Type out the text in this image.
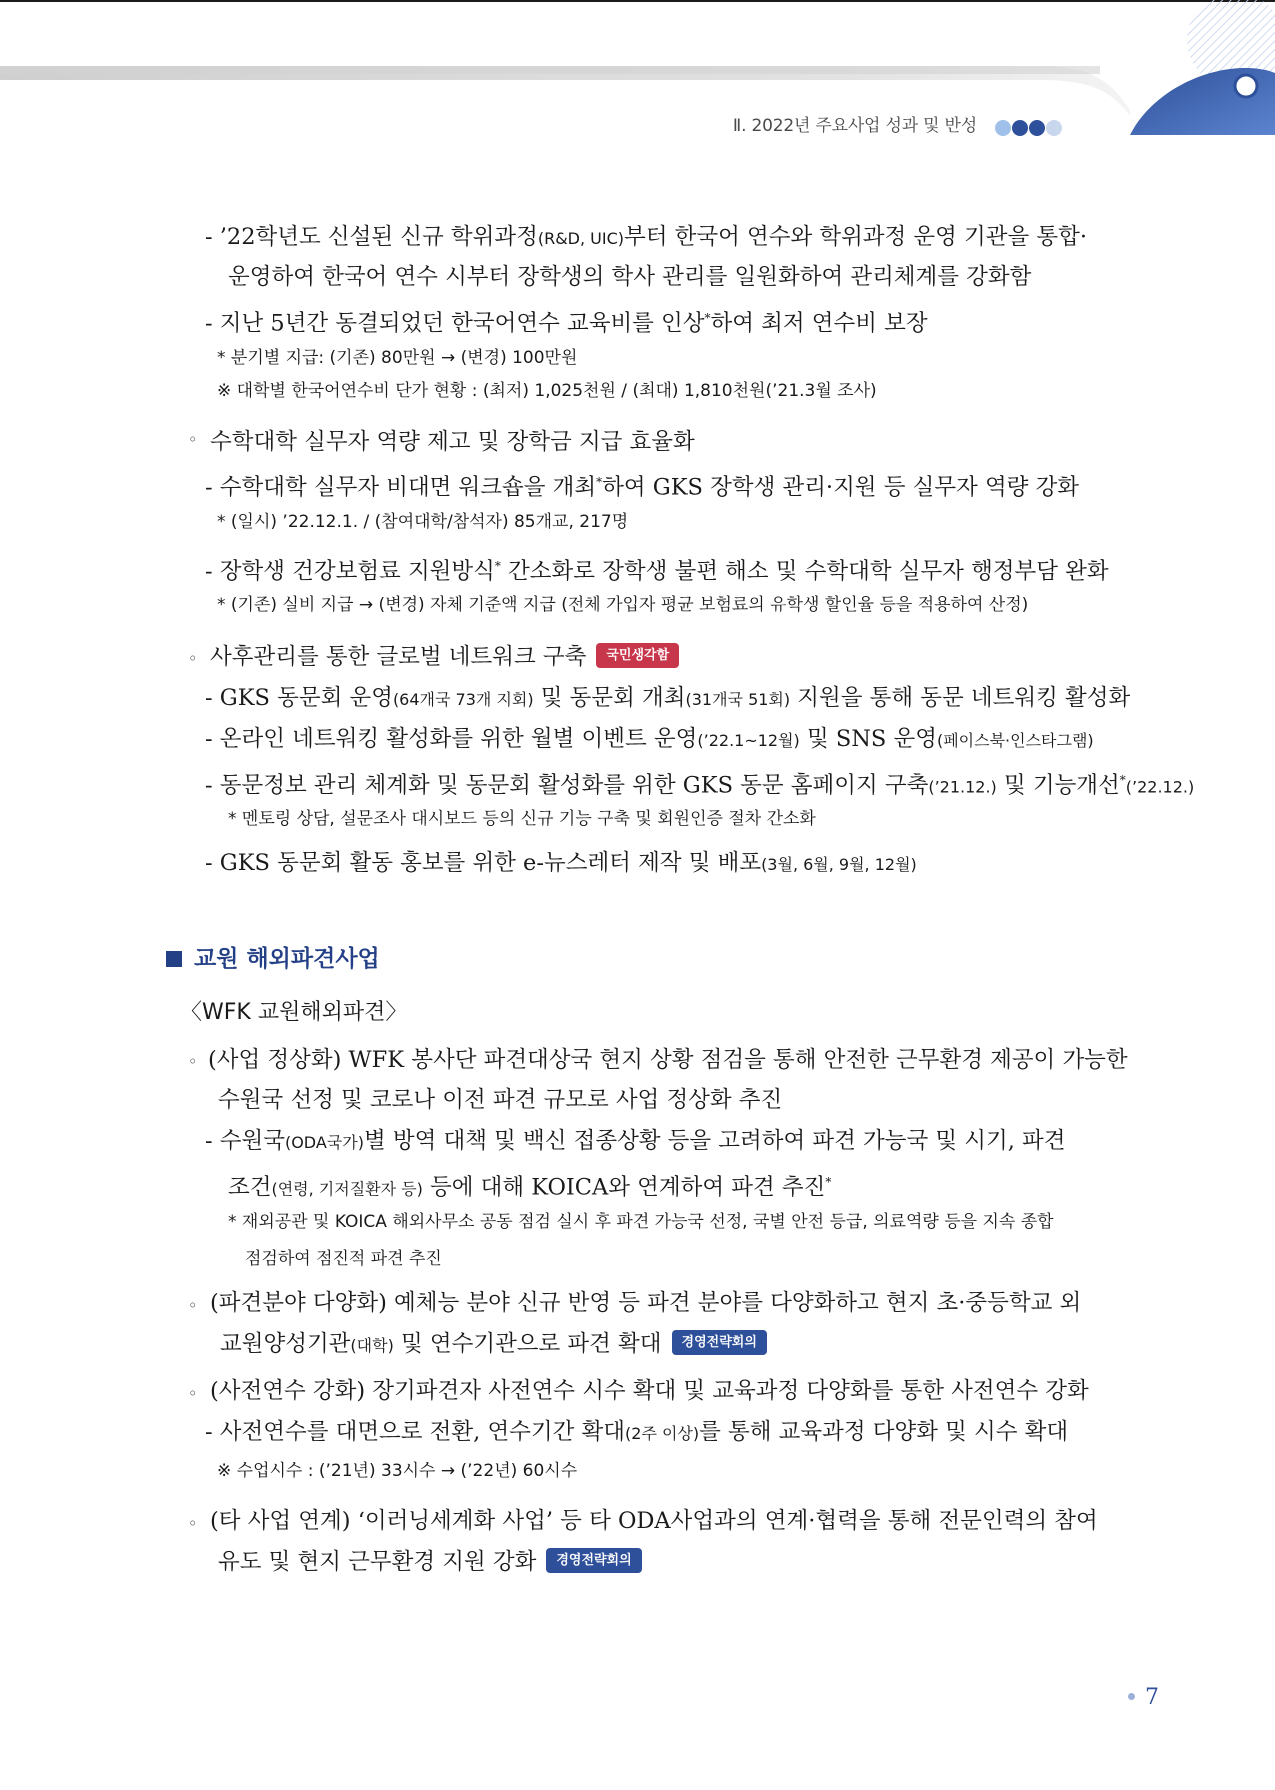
Ⅱ. 2022년 주요사업 성과 및 반성
- ’22학년도 신설된 신규 학위과정(R&D, UIC)부터 한국어 연수와 학위과정 운영 기관을 통합·
운영하여 한국어 연수 시부터 장학생의 학사 관리를 일원화하여 관리체계를 강화함
- 지난 5년간 동결되었던 한국어연수 교육비를 인상*하여 최저 연수비 보장
* 분기별 지급: (기존) 80만원 → (변경) 100만원
※ 대학별 한국어연수비 단가 현황 : (최저) 1,025천원 / (최대) 1,810천원(’21.3월 조사)
◦ 수학대학 실무자 역량 제고 및 장학금 지급 효율화
- 수학대학 실무자 비대면 워크숍을 개최*하여 GKS 장학생 관리·지원 등 실무자 역량 강화
* (일시) ’22.12.1. / (참여대학/참석자) 85개교, 217명
- 장학생 건강보험료 지원방식* 간소화로 장학생 불편 해소 및 수학대학 실무자 행정부담 완화
* (기존) 실비 지급 → (변경) 자체 기준액 지급 (전체 가입자 평균 보험료의 유학생 할인율 등을 적용하여 산정)
◦ 사후관리를 통한 글로벌 네트워크 구축 국민생각함
- GKS 동문회 운영(64개국 73개 지회) 및 동문회 개최(31개국 51회) 지원을 통해 동문 네트워킹 활성화
- 온라인 네트워킹 활성화를 위한 월별 이벤트 운영(’22.1~12월) 및 SNS 운영(페이스북·인스타그램)
- 동문정보 관리 체계화 및 동문회 활성화를 위한 GKS 동문 홈페이지 구축(’21.12.) 및 기능개선*(’22.12.)
* 멘토링 상담, 설문조사 대시보드 등의 신규 기능 구축 및 회원인증 절차 간소화
- GKS 동문회 활동 홍보를 위한 e-뉴스레터 제작 및 배포(3월, 6월, 9월, 12월)
교원 해외파견사업
〈WFK 교원해외파견〉
◦ (사업 정상화) WFK 봉사단 파견대상국 현지 상황 점검을 통해 안전한 근무환경 제공이 가능한
수원국 선정 및 코로나 이전 파견 규모로 사업 정상화 추진
- 수원국(ODA국가)별 방역 대책 및 백신 접종상황 등을 고려하여 파견 가능국 및 시기, 파견
조건(연령, 기저질환자 등) 등에 대해 KOICA와 연계하여 파견 추진*
* 재외공관 및 KOICA 해외사무소 공동 점검 실시 후 파견 가능국 선정, 국별 안전 등급, 의료역량 등을 지속 종합
점검하여 점진적 파견 추진
◦ (파견분야 다양화) 예체능 분야 신규 반영 등 파견 분야를 다양화하고 현지 초·중등학교 외
교원양성기관(대학) 및 연수기관으로 파견 확대 경영전략회의
◦ (사전연수 강화) 장기파견자 사전연수 시수 확대 및 교육과정 다양화를 통한 사전연수 강화
- 사전연수를 대면으로 전환, 연수기간 확대(2주 이상)를 통해 교육과정 다양화 및 시수 확대
※ 수업시수 : (’21년) 33시수 → (’22년) 60시수
◦ (타 사업 연계) ‘이러닝세계화 사업’ 등 타 ODA사업과의 연계·협력을 통해 전문인력의 참여
유도 및 현지 근무환경 지원 강화 경영전략회의
7
